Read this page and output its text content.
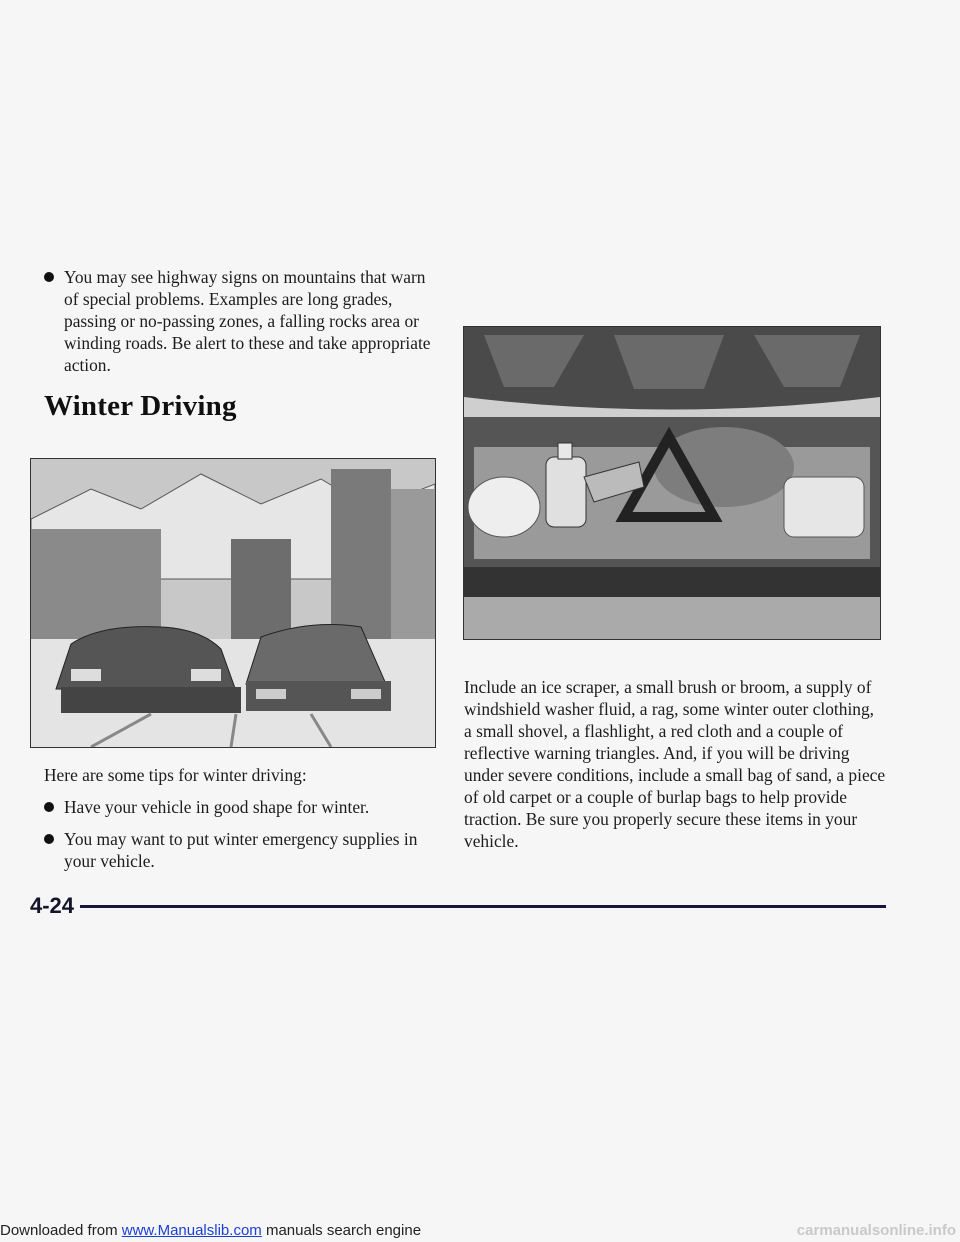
Include an ice scraper, a small brush or broom, a supply of windshield washer fluid, a rag, some winter outer clothing, a small shovel, a flashlight, a red cloth and a couple of reflective warning triangles. And, if you will be driving under severe conditions, include a small bag of sand, a piece of old carpet or a couple of burlap bags to help provide traction. Be sure you properly secure these items in your vehicle.
You may see highway signs on mountains that warn of special problems. Examples are long grades, passing or no-passing zones, a falling rocks area or winding roads. Be alert to these and take appropriate action.
Winter Driving
Here are some tips for winter driving:
Have your vehicle in good shape for winter.
You may want to put winter emergency supplies in your vehicle.
4-24
Downloaded from www.Manualslib.com manuals search engine	carmanualsonline.info
